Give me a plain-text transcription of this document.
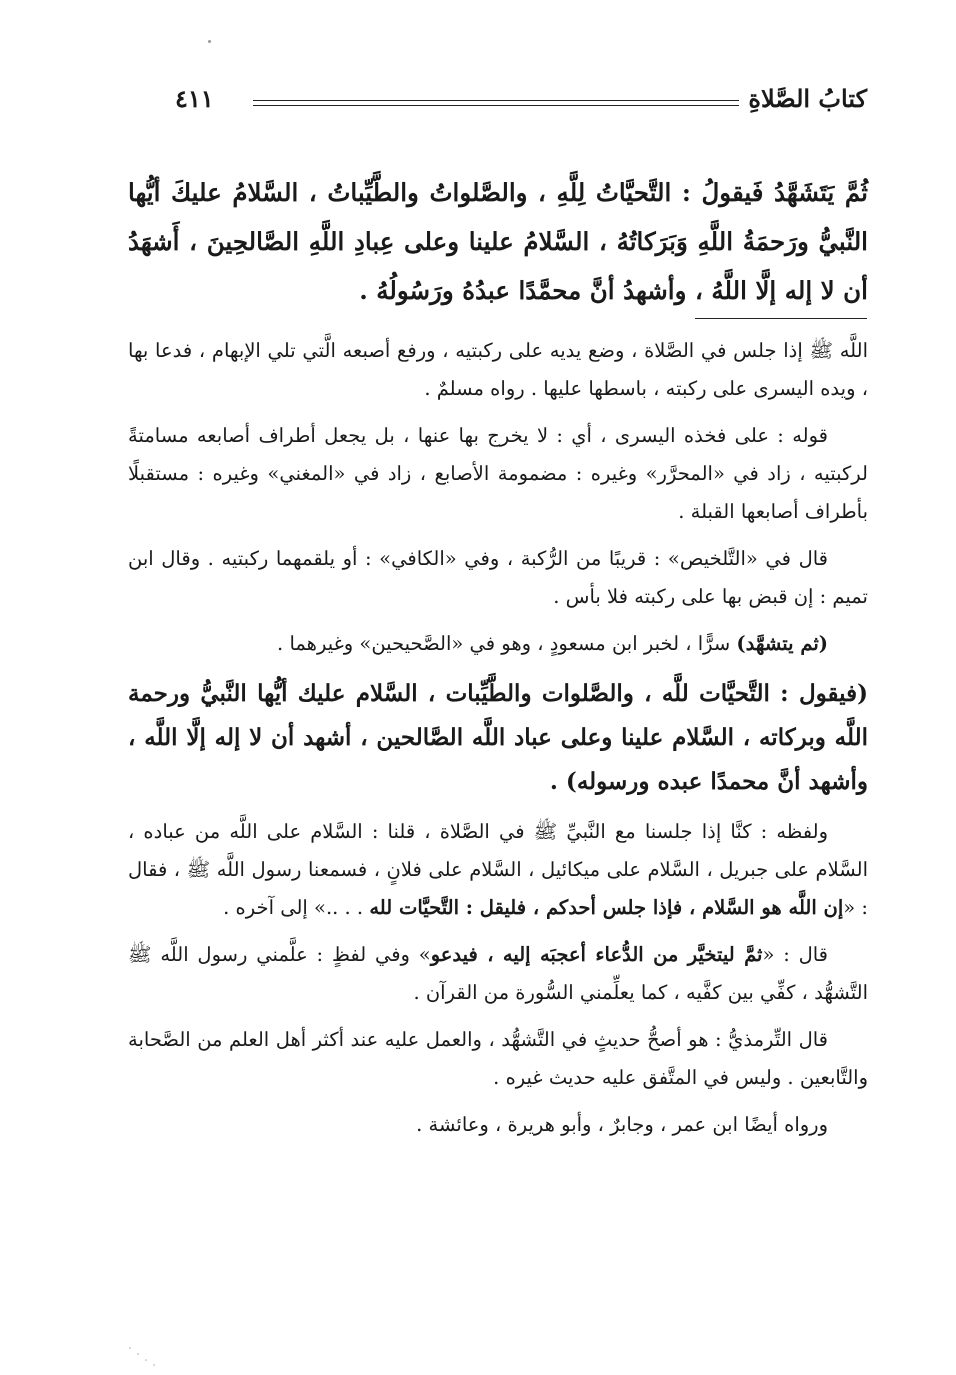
كتابُ الصَّلاةِ
٤١١
ثُمَّ يَتَشَهَّدُ فَيقولُ : التَّحيَّاتُ لِلَّهِ ، والصَّلواتُ والطَّيِّباتُ ، السَّلامُ عليكَ أيُّها النَّبيُّ ورَحمَةُ اللَّهِ وَبَرَكاتُهُ ، السَّلامُ علينا وعلى عِبادِ اللَّهِ الصَّالحِينَ ، أَشهَدُ أن لا إله إلَّا اللَّهُ ، وأشهدُ أنَّ محمَّدًا عبدُهُ ورَسُولُهُ .

اللَّه ﷺ إذا جلس في الصَّلاة ، وضع يديه على ركبتيه ، ورفع أصبعه الَّتي تلي الإبهام ، فدعا بها ، ويده اليسرى على ركبته ، باسطها عليها . رواه مسلمٌ .

قوله : على فخذه اليسرى ، أي : لا يخرج بها عنها ، بل يجعل أطراف أصابعه مسامتةً لركبتيه ، زاد في «المحرَّر» وغيره : مضمومة الأصابع ، زاد في «المغني» وغيره : مستقبلًا بأطراف أصابعها القبلة .

قال في «التَّلخيص» : قريبًا من الرُّكبة ، وفي «الكافي» : أو يلقمهما ركبتيه . وقال ابن تميم : إن قبض بها على ركبته فلا بأس .

(ثم يتشهَّد) سرًّا ، لخبر ابن مسعودٍ ، وهو في «الصَّحيحين» وغيرهما .

(فيقول : التَّحيَّات للَّه ، والصَّلوات والطَّيِّبات ، السَّلام عليك أيُّها النَّبيُّ ورحمة اللَّه وبركاته ، السَّلام علينا وعلى عباد اللَّه الصَّالحين ، أشهد أن لا إله إلَّا اللَّه ، وأشهد أنَّ محمدًا عبده ورسوله) .

ولفظه : كنَّا إذا جلسنا مع النَّبيِّ ﷺ في الصَّلاة ، قلنا : السَّلام على اللَّه من عباده ، السَّلام على جبريل ، السَّلام على ميكائيل ، السَّلام على فلانٍ ، فسمعنا رسول اللَّه ﷺ ، فقال : «إن اللَّه هو السَّلام ، فإذا جلس أحدكم ، فليقل : التَّحيَّات لله . . ..» إلى آخره .

قال : «ثمَّ ليتخيَّر من الدُّعاء أعجبَه إليه ، فيدعو» وفي لفظٍ : علَّمني رسول اللَّه ﷺ التَّشهُّد ، كفِّي بين كفَّيه ، كما يعلِّمني السُّورة من القرآن .

قال التِّرمذيُّ : هو أصحُّ حديثٍ في التَّشهُّد ، والعمل عليه عند أكثر أهل العلم من الصَّحابة والتَّابعين . وليس في المتَّفق عليه حديث غيره .

ورواه أيضًا ابن عمر ، وجابرٌ ، وأبو هريرة ، وعائشة .
